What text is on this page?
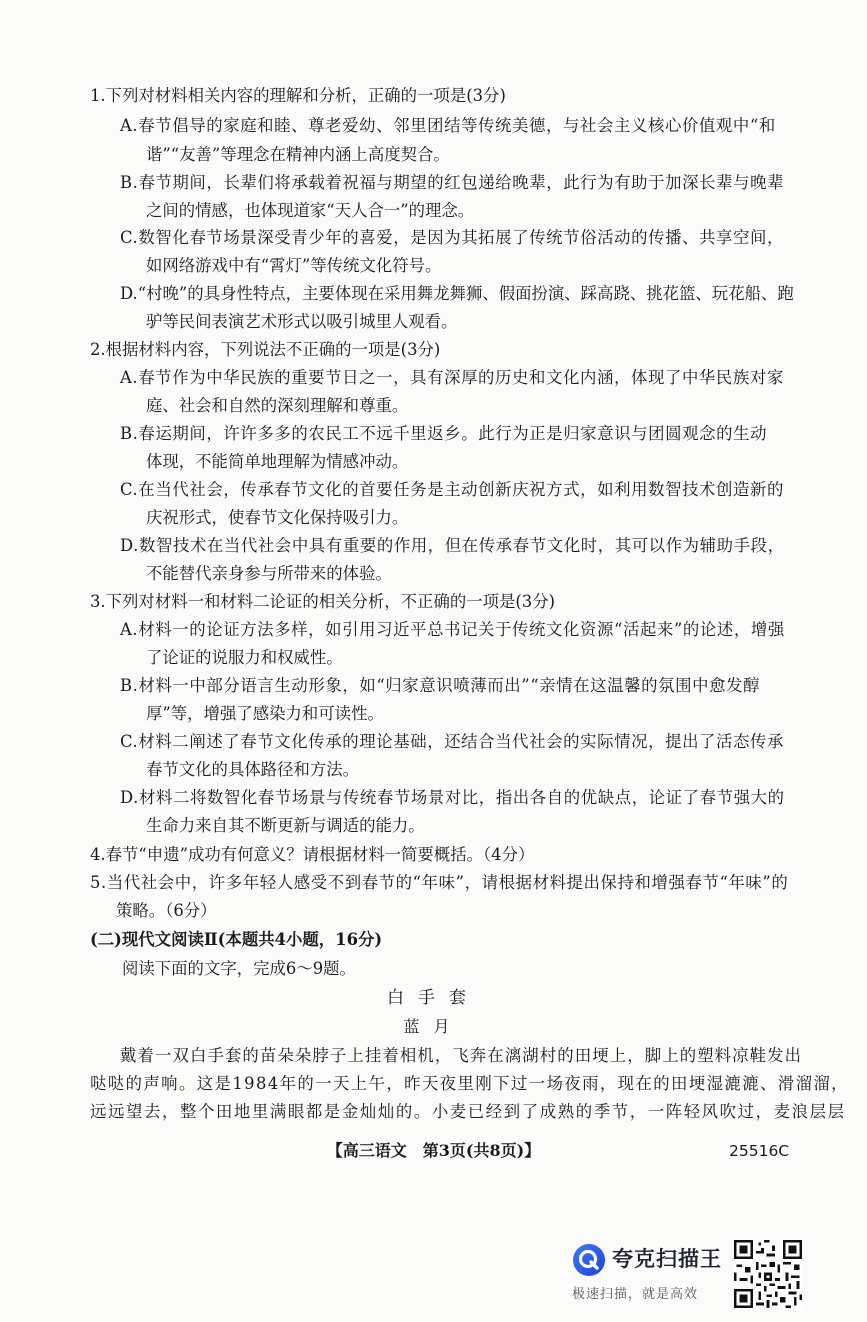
1.下列对材料相关内容的理解和分析，正确的一项是(3分)
A.春节倡导的家庭和睦、尊老爱幼、邻里团结等传统美德，与社会主义核心价值观中“和
谐”“友善”等理念在精神内涵上高度契合。
B.春节期间，长辈们将承载着祝福与期望的红包递给晚辈，此行为有助于加深长辈与晚辈
之间的情感，也体现道家“天人合一”的理念。
C.数智化春节场景深受青少年的喜爱，是因为其拓展了传统节俗活动的传播、共享空间，
如网络游戏中有“霄灯”等传统文化符号。
D.“村晚”的具身性特点，主要体现在采用舞龙舞狮、假面扮演、踩高跷、挑花篮、玩花船、跑
驴等民间表演艺术形式以吸引城里人观看。
2.根据材料内容，下列说法不正确的一项是(3分)
A.春节作为中华民族的重要节日之一，具有深厚的历史和文化内涵，体现了中华民族对家
庭、社会和自然的深刻理解和尊重。
B.春运期间，许许多多的农民工不远千里返乡。此行为正是归家意识与团圆观念的生动
体现，不能简单地理解为情感冲动。
C.在当代社会，传承春节文化的首要任务是主动创新庆祝方式，如利用数智技术创造新的
庆祝形式，使春节文化保持吸引力。
D.数智技术在当代社会中具有重要的作用，但在传承春节文化时，其可以作为辅助手段，
不能替代亲身参与所带来的体验。
3.下列对材料一和材料二论证的相关分析，不正确的一项是(3分)
A.材料一的论证方法多样，如引用习近平总书记关于传统文化资源“活起来”的论述，增强
了论证的说服力和权威性。
B.材料一中部分语言生动形象，如“归家意识喷薄而出”“亲情在这温馨的氛围中愈发醇
厚”等，增强了感染力和可读性。
C.材料二阐述了春节文化传承的理论基础，还结合当代社会的实际情况，提出了活态传承
春节文化的具体路径和方法。
D.材料二将数智化春节场景与传统春节场景对比，指出各自的优缺点，论证了春节强大的
生命力来自其不断更新与调适的能力。
4.春节“申遗”成功有何意义？请根据材料一简要概括。（4分）
5.当代社会中，许多年轻人感受不到春节的“年味”，请根据材料提出保持和增强春节“年味”的
策略。（6分）
(二)现代文阅读Ⅱ(本题共4小题，16分)
阅读下面的文字，完成6～9题。
白手套
蓝月
戴着一双白手套的苗朵朵脖子上挂着相机，飞奔在漓湖村的田埂上，脚上的塑料凉鞋发出
哒哒的声响。这是1984年的一天上午，昨天夜里刚下过一场夜雨，现在的田埂湿漉漉、滑溜溜，
远远望去，整个田地里满眼都是金灿灿的。小麦已经到了成熟的季节，一阵轻风吹过，麦浪层层
【高三语文　第3页(共8页)】	25516C
夸克扫描王
极速扫描，就是高效
